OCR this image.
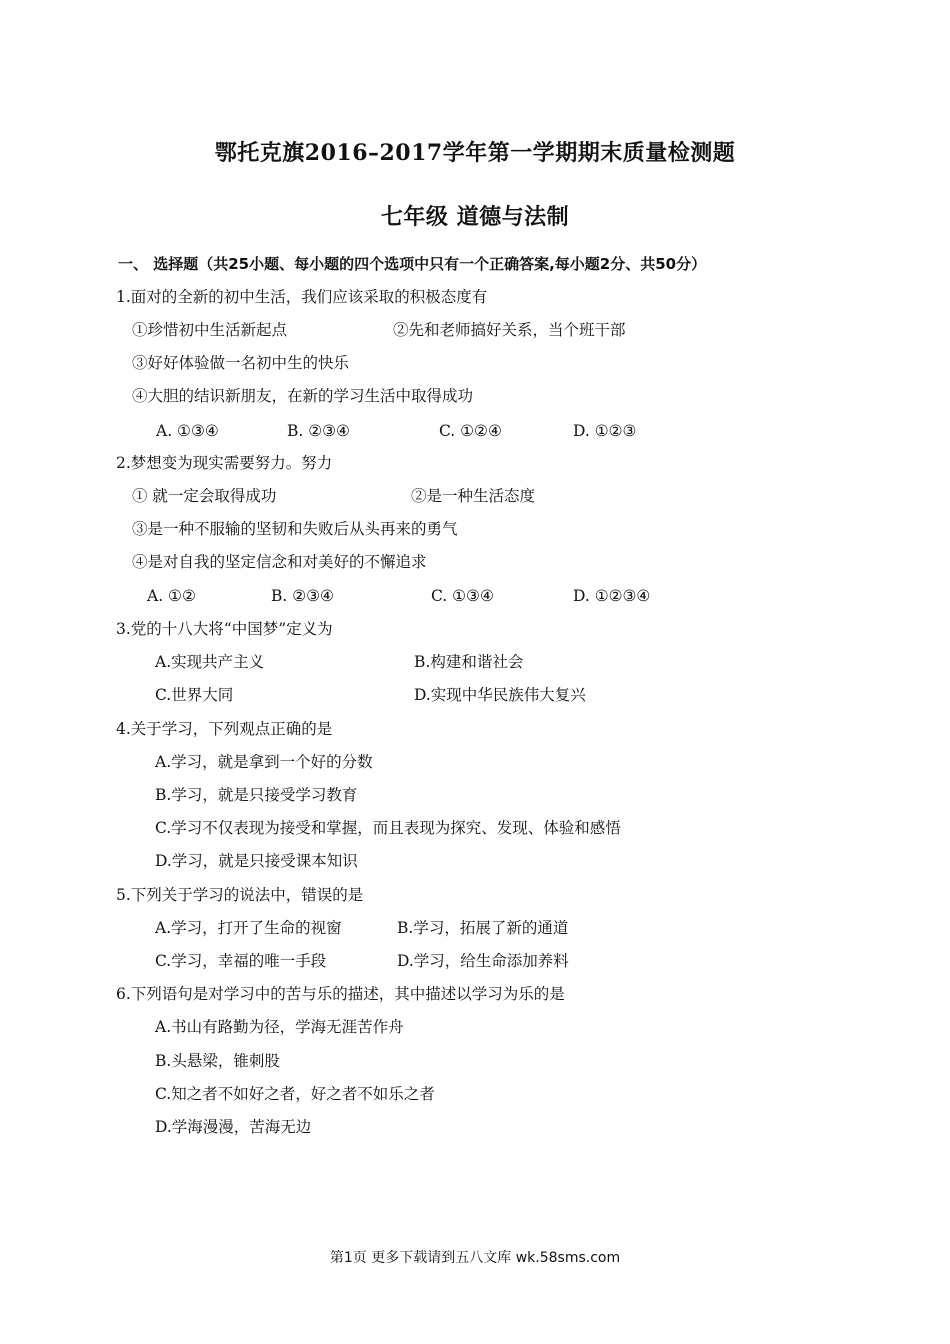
鄂托克旗2016–2017学年第一学期期末质量检测题
七年级 道德与法制
一、 选择题（共25小题、每小题的四个选项中只有一个正确答案,每小题2分、共50分）
1.面对的全新的初中生活，我们应该采取的积极态度有
①珍惜初中生活新起点	②先和老师搞好关系，当个班干部
③好好体验做一名初中生的快乐
④大胆的结识新朋友，在新的学习生活中取得成功
A. ①③④	B. ②③④	C. ①②④	D. ①②③
2.梦想变为现实需要努力。努力
① 就一定会取得成功	②是一种生活态度
③是一种不服输的坚韧和失败后从头再来的勇气
④是对自我的坚定信念和对美好的不懈追求
A. ①②	B. ②③④	C. ①③④	D. ①②③④
3.党的十八大将“中国梦”定义为
A.实现共产主义	B.构建和谐社会
C.世界大同	D.实现中华民族伟大复兴
4.关于学习，下列观点正确的是
A.学习，就是拿到一个好的分数
B.学习，就是只接受学习教育
C.学习不仅表现为接受和掌握，而且表现为探究、发现、体验和感悟
D.学习，就是只接受课本知识
5.下列关于学习的说法中，错误的是
A.学习，打开了生命的视窗	B.学习，拓展了新的通道
C.学习，幸福的唯一手段	D.学习，给生命添加养料
6.下列语句是对学习中的苦与乐的描述，其中描述以学习为乐的是
A.书山有路勤为径，学海无涯苦作舟
B.头悬梁，锥刺股
C.知之者不如好之者，好之者不如乐之者
D.学海漫漫，苦海无边
第1页 更多下载请到五八文库 wk.58sms.com
